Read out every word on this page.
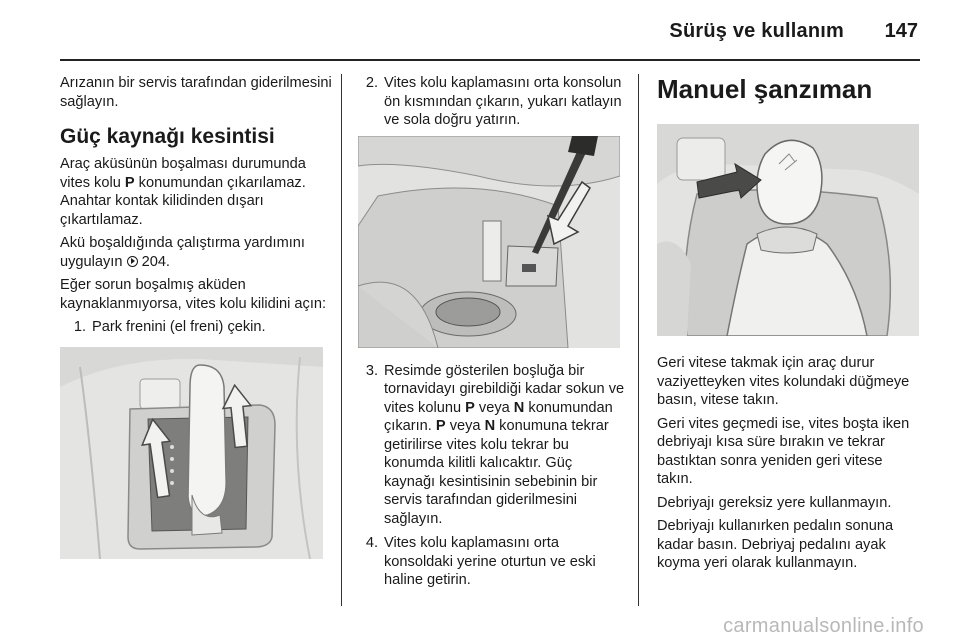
Sürüş ve kullanım 147

Arızanın bir servis tarafından giderilmesini sağlayın.

Güç kaynağı kesintisi

Araç aküsünün boşalması durumunda vites kolu P konumundan çıkarılamaz. Anahtar kontak kilidinden dışarı çıkartılamaz.

Akü boşaldığında çalıştırma yardımını uygulayın
204.

Eğer sorun boşalmış aküden kaynaklanmıyorsa, vites kolu kilidini açın:

1. Park frenini (el freni) çekin.
2. Vites kolu kaplamasını orta konsolun ön kısmından çıkarın, yukarı katlayın ve sola doğru yatırın.
3. Resimde gösterilen boşluğa bir tornavidayı girebildiği kadar sokun ve vites kolunu P veya N konumundan çıkarın. P veya N konumuna tekrar getirilirse vites kolu tekrar bu konumda kilitli kalıcaktır. Güç kaynağı kesintisinin sebebinin bir servis tarafından giderilmesini sağlayın.
4. Vites kolu kaplamasını orta konsoldaki yerine oturtun ve eski haline getirin.
Manuel şanzıman

Geri vitese takmak için araç durur vaziyetteyken vites kolundaki düğmeye basın, vitese takın.

Geri vites geçmedi ise, vites boşta iken debriyajı kısa süre bırakın ve tekrar bastıktan sonra yeniden geri vitese takın.

Debriyajı gereksiz yere kullanmayın.

Debriyajı kullanırken pedalın sonuna kadar basın. Debriyaj pedalını ayak koyma yeri olarak kullanmayın.

carmanualsonline.info
